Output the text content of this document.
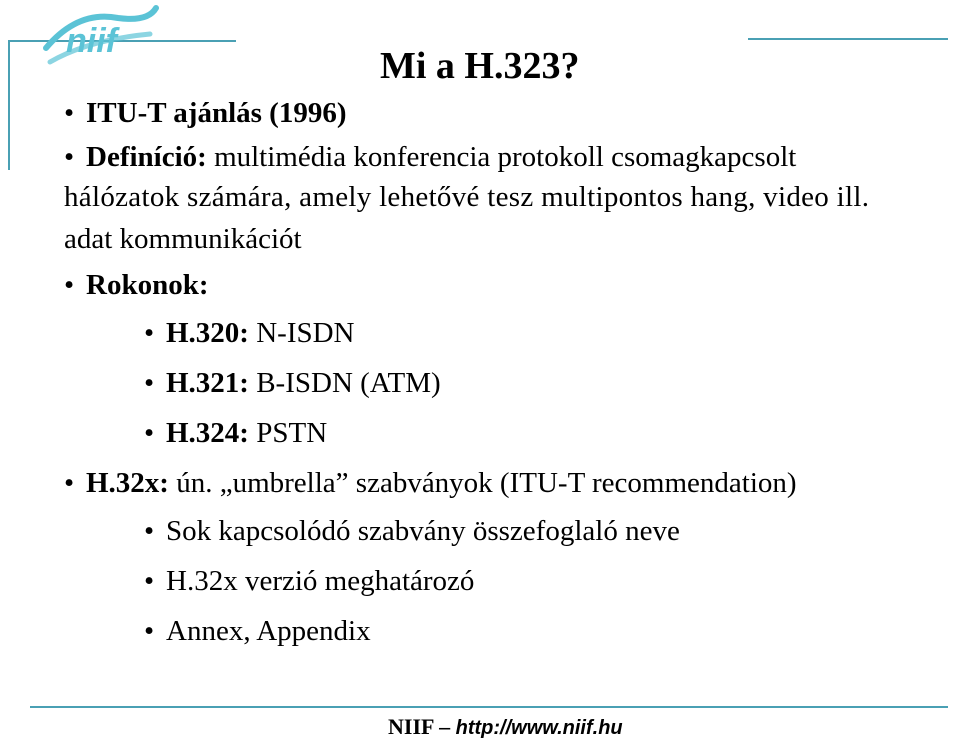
niif
Mi a H.323?
• ITU-T ajánlás (1996)
• Definíció: multimédia konferencia protokoll csomagkapcsolt
hálózatok számára, amely lehetővé tesz multipontos hang, video ill.
adat kommunikációt
• Rokonok:
• H.320: N-ISDN
• H.321: B-ISDN (ATM)
• H.324: PSTN
• H.32x: ún. „umbrella” szabványok (ITU-T recommendation)
• Sok kapcsolódó szabvány összefoglaló neve
• H.32x verzió meghatározó
• Annex, Appendix
NIIF – http://www.niif.hu
